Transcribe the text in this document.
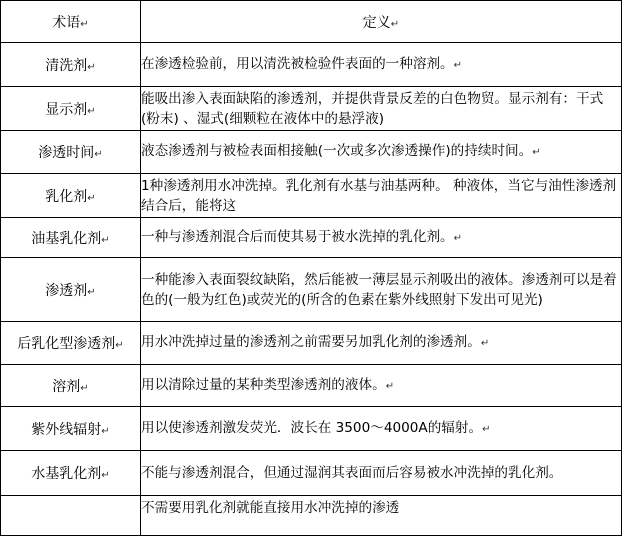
术语↵	定义↵
清洗剂↵	在渗透检验前，用以清洗被检验件表面的一种溶剂。↵
显示剂↵	能吸出渗入表面缺陷的渗透剂，并提供背景反差的白色物贸。显示剂有：干式(粉末) 、湿式(细颗粒在液体中的悬浮液)
渗透时间↵	液态渗透剂与被检表面相接触(一次或多次渗透操作)的持续时间。↵
乳化剂↵	1种渗透剂用水冲洗掉。乳化剂有水基与油基两种。 种液体，当它与油性渗透剂结合后，能将这
油基乳化剂↵	一种与渗透剂混合后而使其易于被水洗掉的乳化剂。↵
渗透剂↵	一种能渗入表面裂纹缺陷，然后能被一薄层显示剂吸出的液体。渗透剂可以是着色的(一般为红色)或荧光的(所含的色素在紫外线照射下发出可见光)
后乳化型渗透剂↵	用水冲洗掉过量的渗透剂之前需要另加乳化剂的渗透剂。↵
溶剂↵	用以清除过量的某种类型渗透剂的液体。↵
紫外线辐射↵	用以使渗透剂激发荧光．波长在 3500～4000A的辐射。↵
水基乳化剂↵	不能与渗透剂混合，但通过湿润其表面而后容易被水冲洗掉的乳化剂。
	不需要用乳化剂就能直接用水冲洗掉的渗透
